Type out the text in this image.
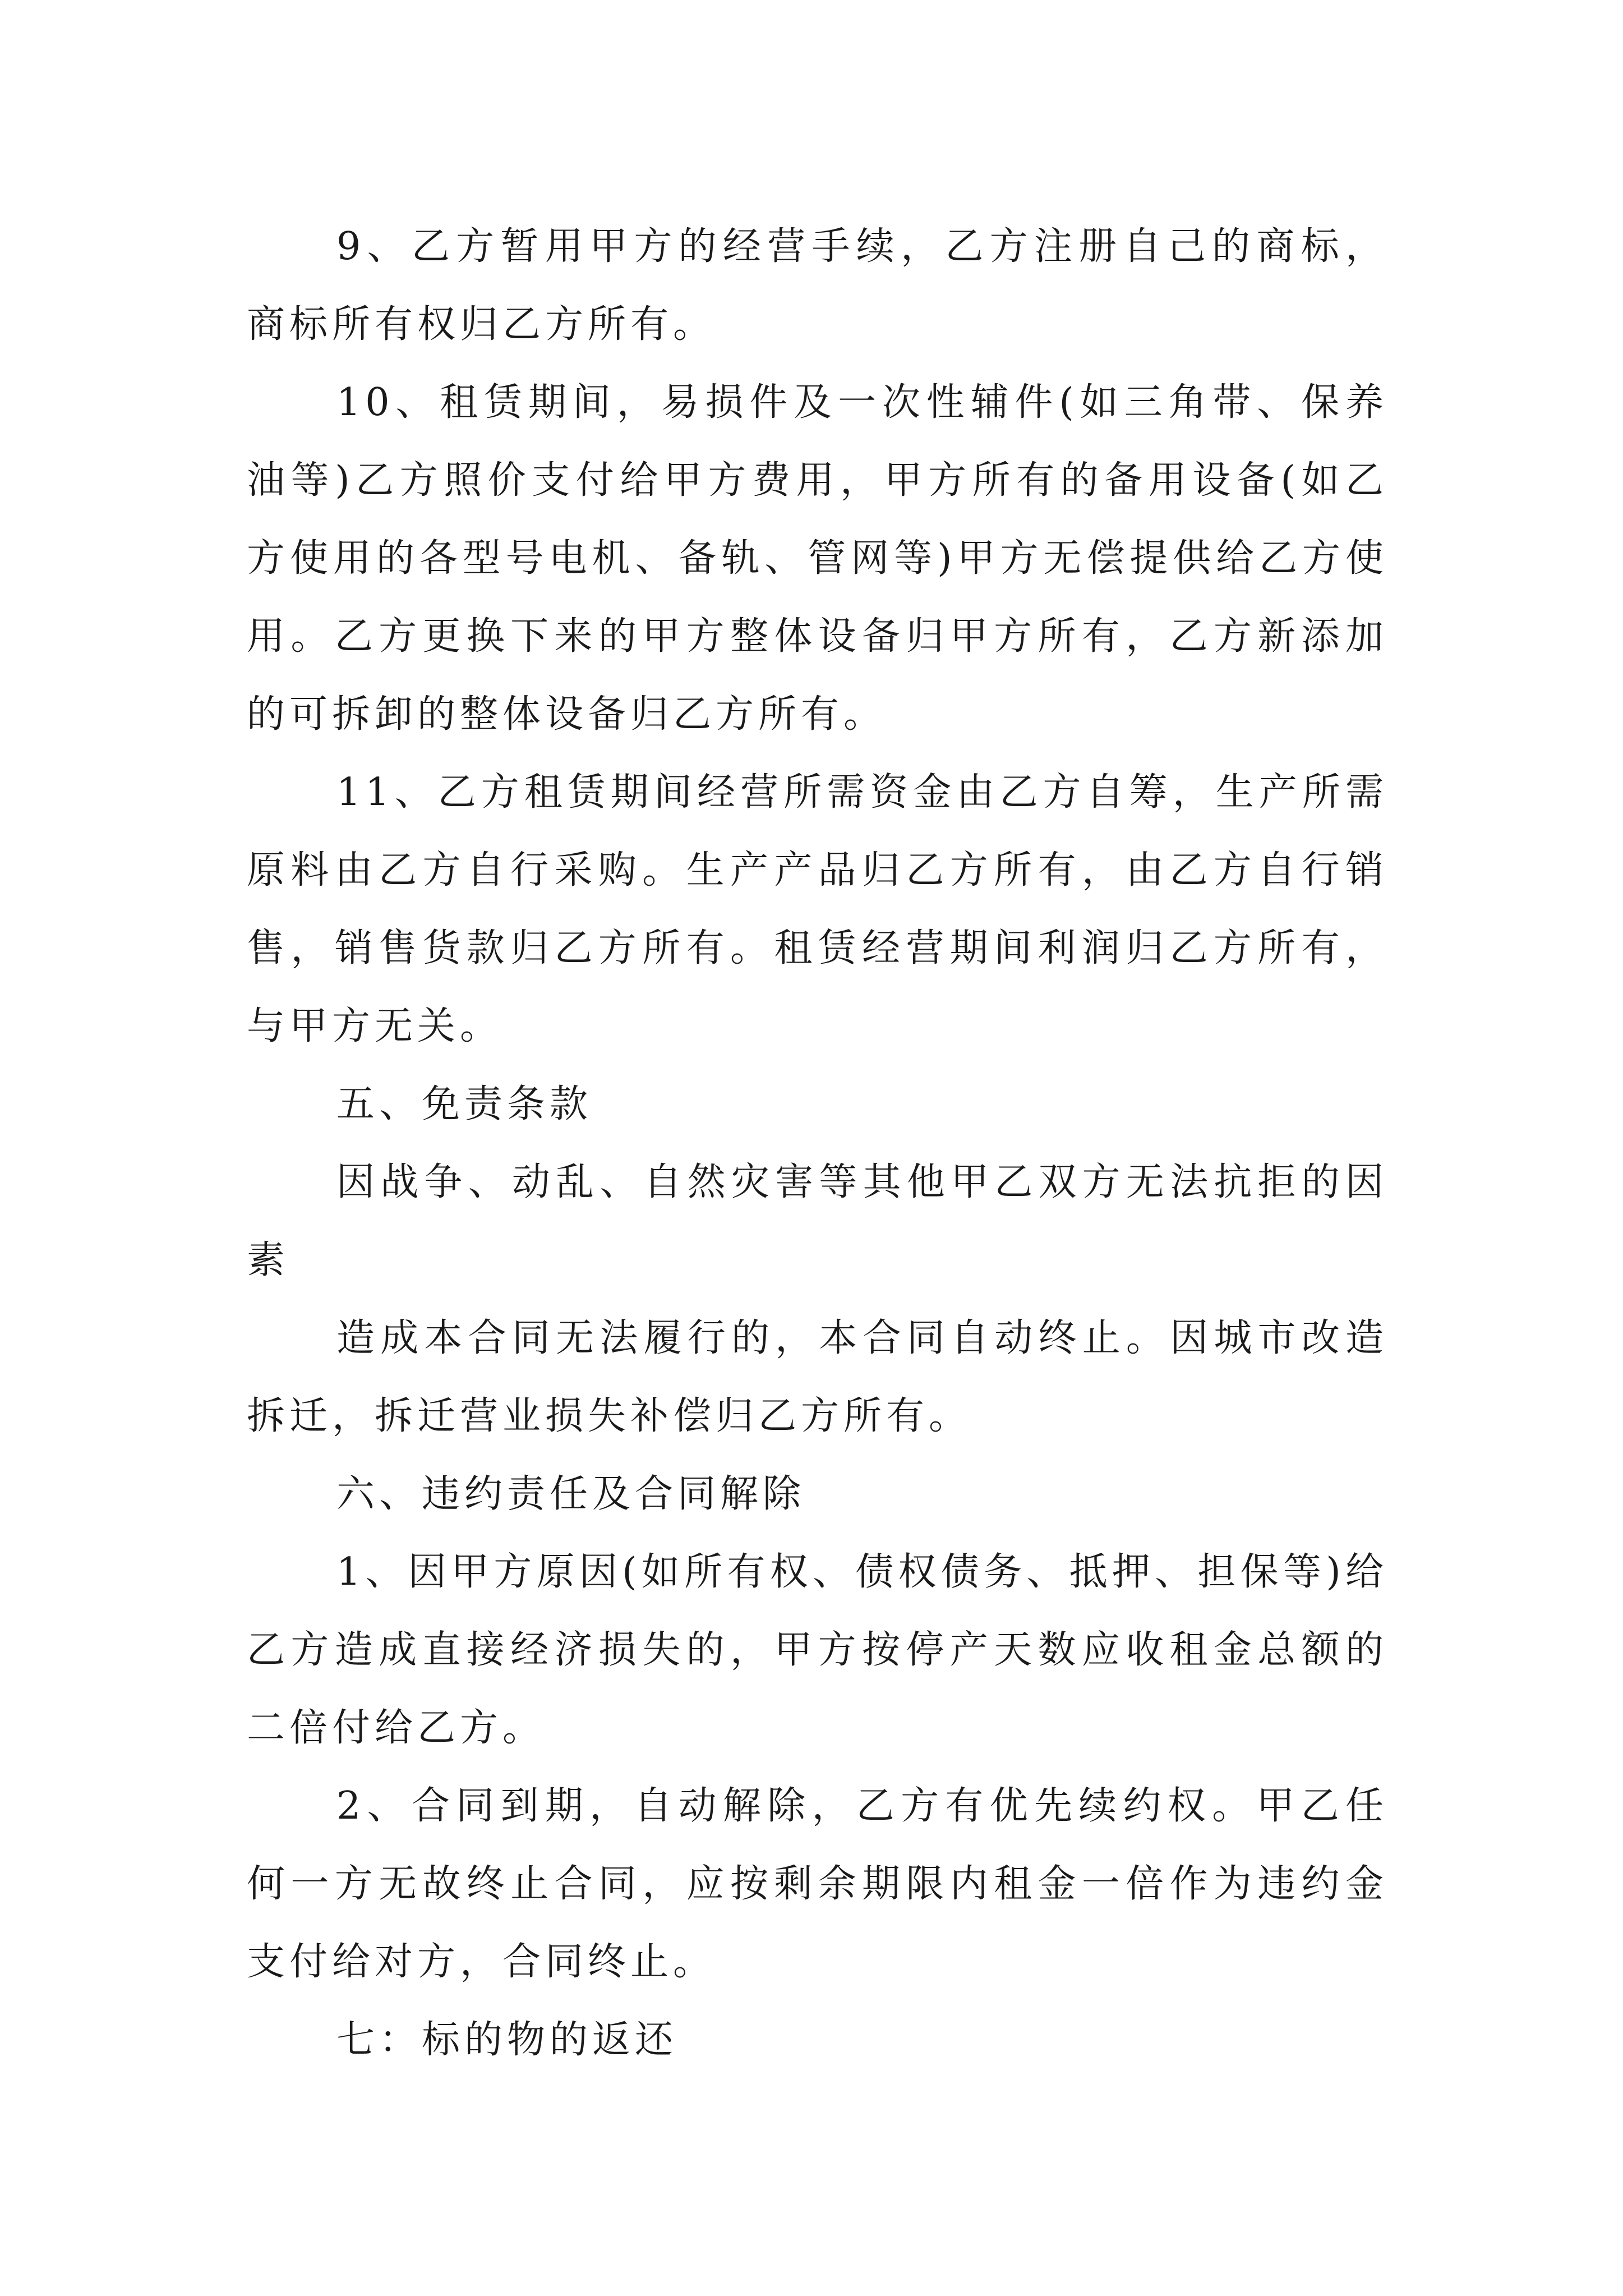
9、乙方暂用甲方的经营手续，乙方注册自己的商标，商标所有权归乙方所有。

10、租赁期间，易损件及一次性辅件(如三角带、保养油等)乙方照价支付给甲方费用，甲方所有的备用设备(如乙方使用的各型号电机、备轨、管网等)甲方无偿提供给乙方使用。乙方更换下来的甲方整体设备归甲方所有，乙方新添加的可拆卸的整体设备归乙方所有。

11、乙方租赁期间经营所需资金由乙方自筹，生产所需原料由乙方自行采购。生产产品归乙方所有，由乙方自行销售，销售货款归乙方所有。租赁经营期间利润归乙方所有，与甲方无关。

五、免责条款

因战争、动乱、自然灾害等其他甲乙双方无法抗拒的因素

造成本合同无法履行的，本合同自动终止。因城市改造拆迁，拆迁营业损失补偿归乙方所有。

六、违约责任及合同解除

1、因甲方原因(如所有权、债权债务、抵押、担保等)给乙方造成直接经济损失的，甲方按停产天数应收租金总额的二倍付给乙方。

2、合同到期，自动解除，乙方有优先续约权。甲乙任何一方无故终止合同，应按剩余期限内租金一倍作为违约金支付给对方，合同终止。

七：标的物的返还
